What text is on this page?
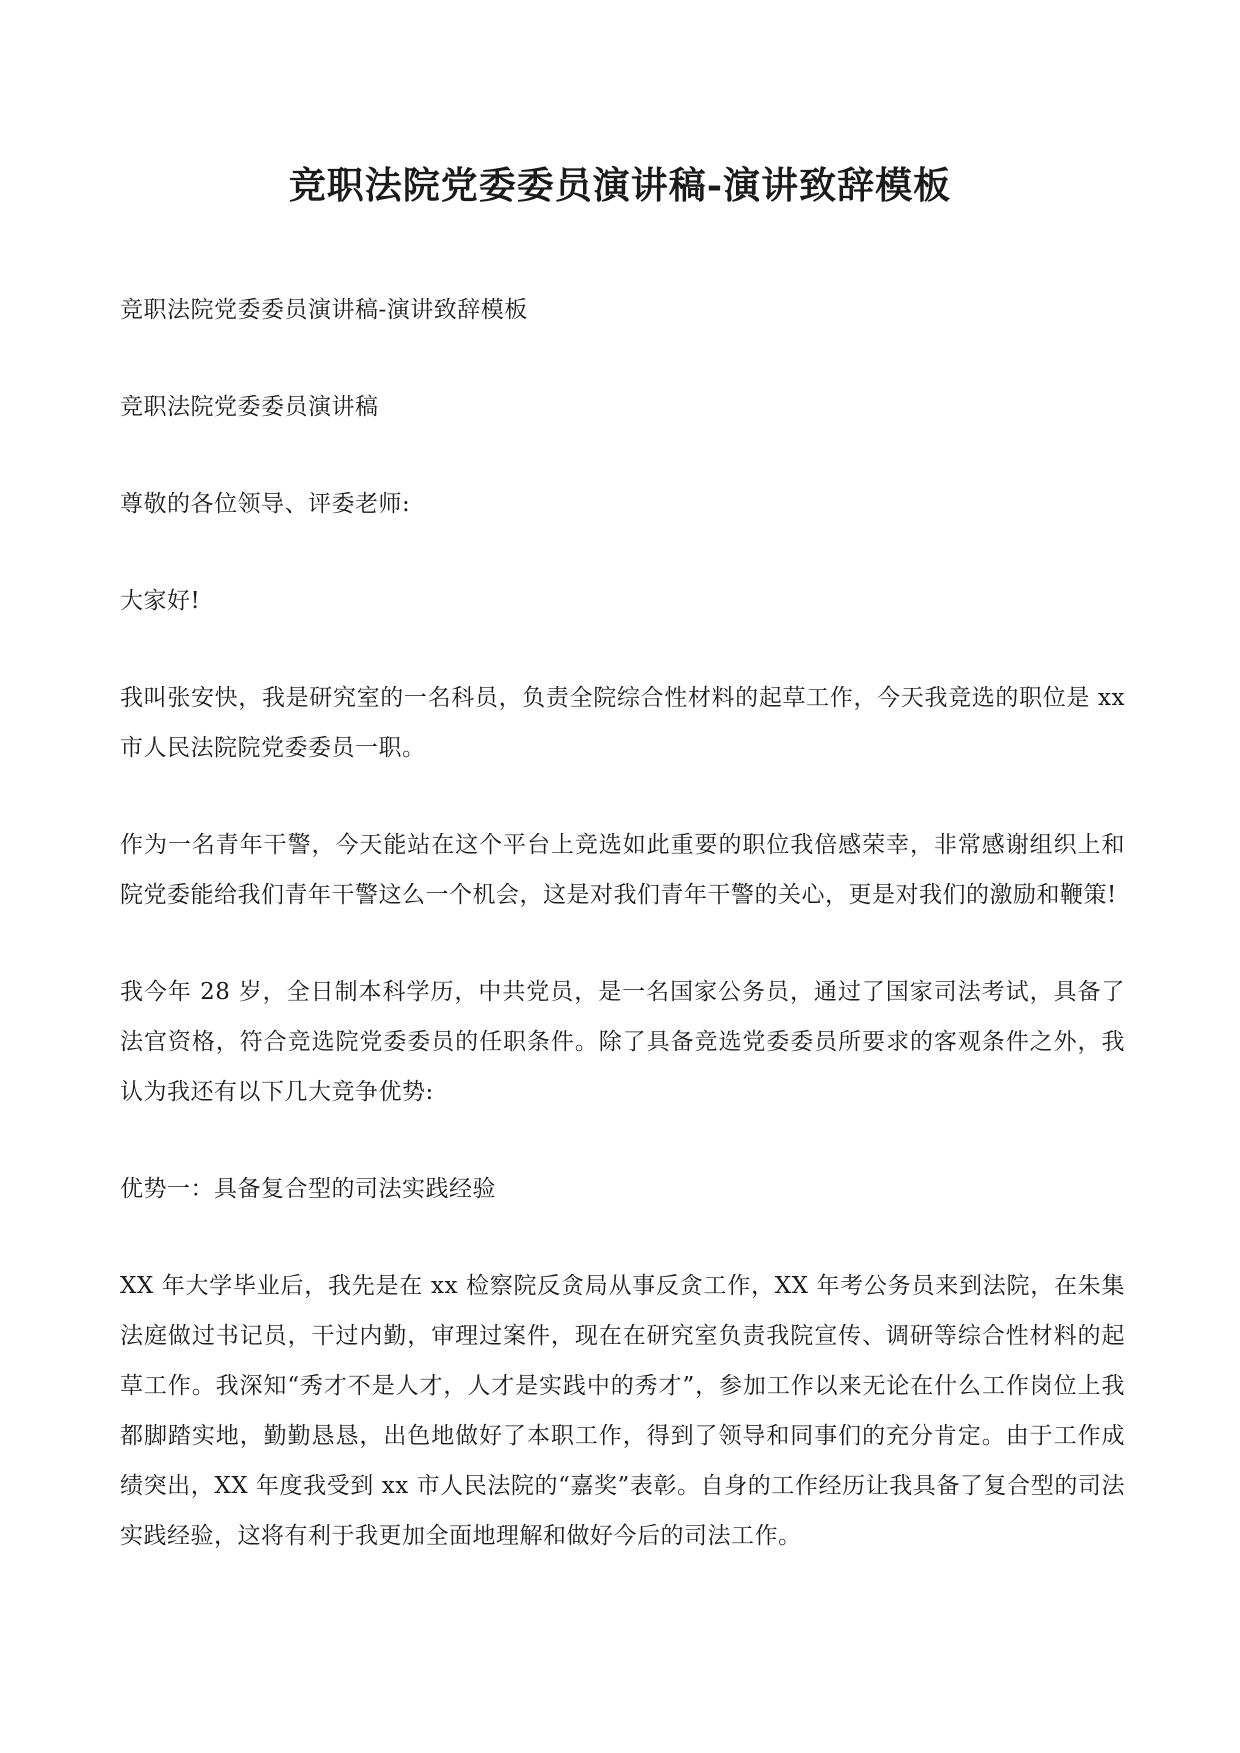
竞职法院党委委员演讲稿-演讲致辞模板

竞职法院党委委员演讲稿-演讲致辞模板

竞职法院党委委员演讲稿

尊敬的各位领导、评委老师:

大家好!

我叫张安快，我是研究室的一名科员，负责全院综合性材料的起草工作，今天我竞选的职位是 xx 市人民法院院党委委员一职。

作为一名青年干警，今天能站在这个平台上竞选如此重要的职位我倍感荣幸，非常感谢组织上和院党委能给我们青年干警这么一个机会，这是对我们青年干警的关心，更是对我们的激励和鞭策!

我今年 28 岁，全日制本科学历，中共党员，是一名国家公务员，通过了国家司法考试，具备了法官资格，符合竞选院党委委员的任职条件。除了具备竞选党委委员所要求的客观条件之外，我认为我还有以下几大竞争优势:

优势一：具备复合型的司法实践经验

XX 年大学毕业后，我先是在 xx 检察院反贪局从事反贪工作，XX 年考公务员来到法院，在朱集法庭做过书记员，干过内勤，审理过案件，现在在研究室负责我院宣传、调研等综合性材料的起草工作。我深知“秀才不是人才，人才是实践中的秀才”，参加工作以来无论在什么工作岗位上我都脚踏实地，勤勤恳恳，出色地做好了本职工作，得到了领导和同事们的充分肯定。由于工作成绩突出，XX 年度我受到 xx 市人民法院的“嘉奖”表彰。自身的工作经历让我具备了复合型的司法实践经验，这将有利于我更加全面地理解和做好今后的司法工作。
